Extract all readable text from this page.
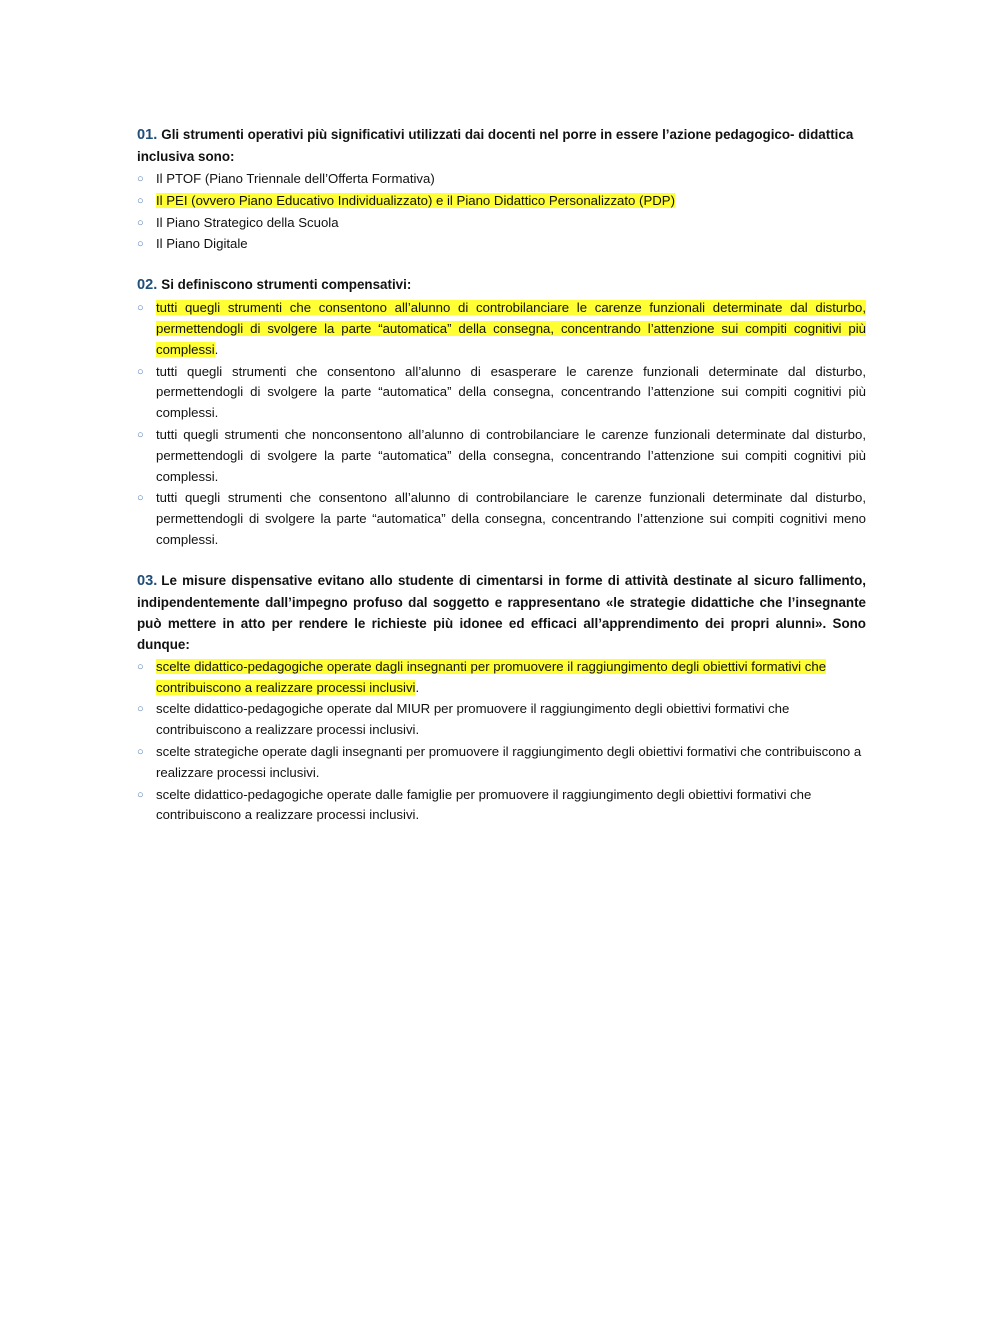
01. Gli strumenti operativi più significativi utilizzati dai docenti nel porre in essere l’azione pedagogico- didattica inclusiva sono:

○ Il PTOF (Piano Triennale dell’Offerta Formativa)
○ Il PEI (ovvero Piano Educativo Individualizzato) e il Piano Didattico Personalizzato (PDP)
○ Il Piano Strategico della Scuola
○ Il Piano Digitale

02. Si definiscono strumenti compensativi:

○ tutti quegli strumenti che consentono all’alunno di controbilanciare le carenze funzionali determinate dal disturbo, permettendogli di svolgere la parte “automatica” della consegna, concentrando l’attenzione sui compiti cognitivi più complessi.
○ tutti quegli strumenti che consentono all’alunno di esasperare le carenze funzionali determinate dal disturbo, permettendogli di svolgere la parte “automatica” della consegna, concentrando l’attenzione sui compiti cognitivi più complessi.
○ tutti quegli strumenti che nonconsentono all’alunno di controbilanciare le carenze funzionali determinate dal disturbo, permettendogli di svolgere la parte “automatica” della consegna, concentrando l’attenzione sui compiti cognitivi più complessi.
○ tutti quegli strumenti che consentono all’alunno di controbilanciare le carenze funzionali determinate dal disturbo, permettendogli di svolgere la parte “automatica” della consegna, concentrando l’attenzione sui compiti cognitivi meno complessi.

03. Le misure dispensative evitano allo studente di cimentarsi in forme di attività destinate al sicuro fallimento, indipendentemente dall’impegno profuso dal soggetto e rappresentano «le strategie didattiche che l’insegnante può mettere in atto per rendere le richieste più idonee ed efficaci all’apprendimento dei propri alunni». Sono dunque:

○ scelte didattico-pedagogiche operate dagli insegnanti per promuovere il raggiungimento degli obiettivi formativi che contribuiscono a realizzare processi inclusivi.
○ scelte didattico-pedagogiche operate dal MIUR per promuovere il raggiungimento degli obiettivi formativi che contribuiscono a realizzare processi inclusivi.
○ scelte strategiche operate dagli insegnanti per promuovere il raggiungimento degli obiettivi formativi che contribuiscono a realizzare processi inclusivi.
○ scelte didattico-pedagogiche operate dalle famiglie per promuovere il raggiungimento degli obiettivi formativi che contribuiscono a realizzare processi inclusivi.
